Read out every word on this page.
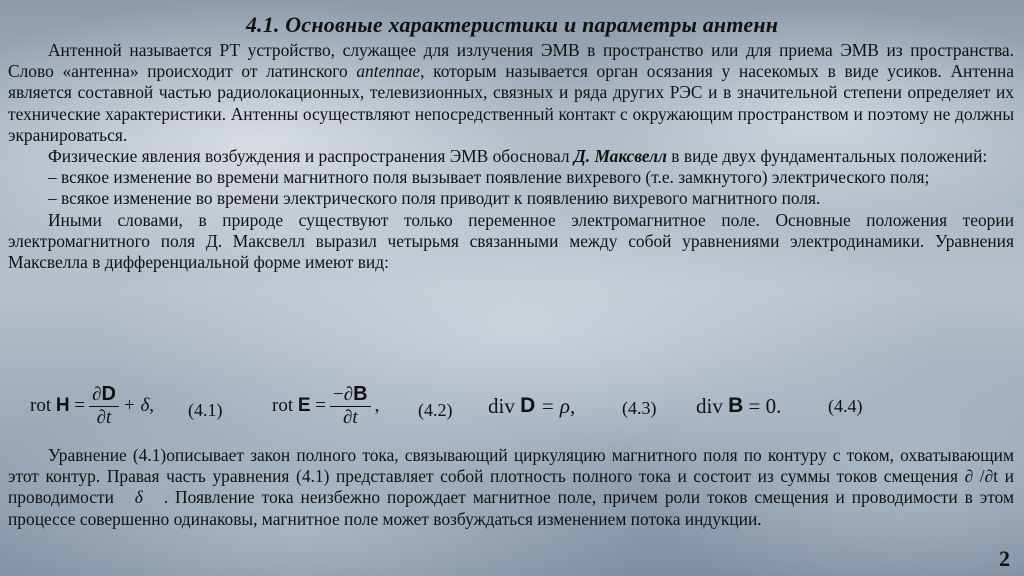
4.1. Основные характеристики и параметры антенн

Антенной называется РТ устройство, служащее для излучения ЭМВ в пространство или для приема ЭМВ из пространства. Слово «антенна» происходит от латинского antennae, которым называется орган осязания у насекомых в виде усиков. Антенна является составной частью радиолокационных, телевизионных, связных и ряда других РЭС и в значительной степени определяет их технические характеристики. Антенны осуществляют непосредственный контакт с окружающим пространством и поэтому не должны экранироваться.

Физические явления возбуждения и распространения ЭМВ обосновал Д. Максвелл в виде двух фундаментальных положений:

– всякое изменение во времени магнитного поля вызывает появление вихревого (т.е. замкнутого) электрического поля;

– всякое изменение во времени электрического поля приводит к появлению вихревого магнитного поля.

Иными словами, в природе существуют только переменное электромагнитное поле. Основные положения теории электромагнитного поля Д. Максвелл выразил четырьмя связанными между собой уравнениями электродинамики. Уравнения Максвелла в дифференциальной форме имеют вид:

rot
H
= $\frac{\partial D}{\partial t} + \delta$, (4.1)	rot
E
= $\frac{-\partial B}{\partial t}$ , (4.2) div
D
= ρ,	(4.3) div
B
= 0.	(4.4)

Уравнение (4.1)описывает закон полного тока, связывающий циркуляцию магнитного поля по контуру с током, охватывающим этот контур. Правая часть уравнения (4.1) представляет собой плотность полного тока и состоит из суммы токов смещения ∂ /∂t и проводимости δ . Появление тока неизбежно порождает магнитное поле, причем роли токов смещения и проводимости в этом процессе совершенно одинаковы, магнитное поле может возбуждаться изменением потока индукции.

2
